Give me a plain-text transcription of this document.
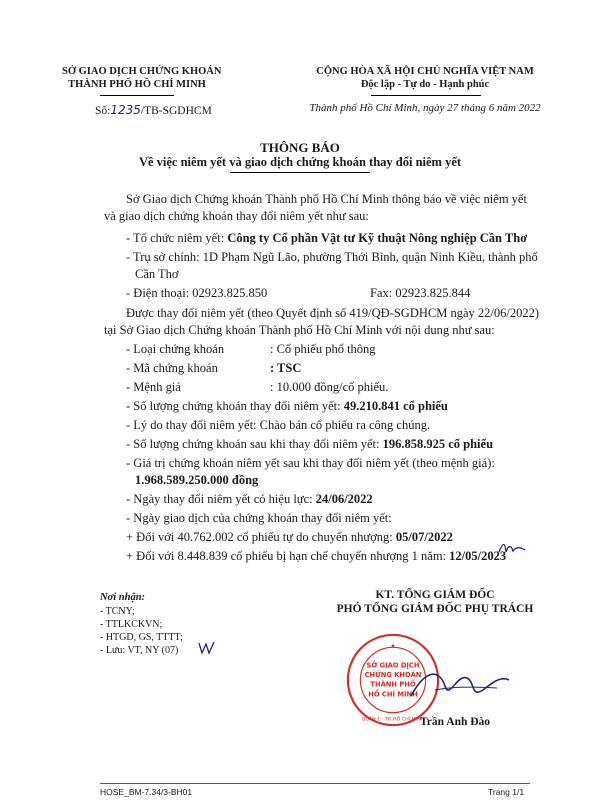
SỞ GIAO DỊCH CHỨNG KHOÁN
THÀNH PHỐ HỒ CHÍ MINH
Số:1235/TB-SGDHCM
CỘNG HÒA XÃ HỘI CHỦ NGHĨA VIỆT NAM
Độc lập - Tự do - Hạnh phúc
Thành phố Hồ Chí Minh, ngày 27 tháng 6 năm 2022
THÔNG BÁO
Về việc niêm yết và giao dịch chứng khoán thay đổi niêm yết
Sở Giao dịch Chứng khoán Thành phố Hồ Chí Minh thông báo về việc niêm yết
và giao dịch chứng khoán thay đổi niêm yết như sau:
- Tổ chức niêm yết: Công ty Cổ phần Vật tư Kỹ thuật Nông nghiệp Cần Thơ
- Trụ sở chính: 1D Phạm Ngũ Lão, phường Thới Bình, quận Ninh Kiều, thành phố
Cần Thơ
- Điện thoại: 02923.825.850	Fax: 02923.825.844
Được thay đổi niêm yết (theo Quyết định số 419/QĐ-SGDHCM ngày 22/06/2022)
tại Sở Giao dịch Chứng khoán Thành phố Hồ Chí Minh với nội dung như sau:
- Loại chứng khoán	: Cổ phiếu phổ thông
- Mã chứng khoán	: TSC
- Mệnh giá	: 10.000 đồng/cổ phiếu.
- Số lượng chứng khoán thay đổi niêm yết: 49.210.841 cổ phiếu
- Lý do thay đổi niêm yết: Chào bán cổ phiếu ra công chúng.
- Số lượng chứng khoán sau khi thay đổi niêm yết: 196.858.925 cổ phiếu
- Giá trị chứng khoán niêm yết sau khi thay đổi niêm yết (theo mệnh giá):
1.968.589.250.000 đồng
- Ngày thay đổi niêm yết có hiệu lực: 24/06/2022
- Ngày giao dịch của chứng khoán thay đổi niêm yết:
+ Đối với 40.762.002 cổ phiếu tự do chuyển nhượng: 05/07/2022
+ Đối với 8.448.839 cổ phiếu bị hạn chế chuyển nhượng 1 năm: 12/05/2023
Nơi nhận:
- TCNY;
- TTLKCKVN;
- HTGD, GS, TTTT;
- Lưu: VT, NY (07)
KT. TỔNG GIÁM ĐỐC
PHÓ TỔNG GIÁM ĐỐC PHỤ TRÁCH
★
SỞ GIAO DỊCH
CHỨNG KHOÁN
THÀNH PHỐ
HỒ CHÍ MINH
QUẬN 1 · TP. HỒ CHÍ MINH
Trần Anh Đào
HOSE_BM-7.34/3-BH01	Trang 1/1
